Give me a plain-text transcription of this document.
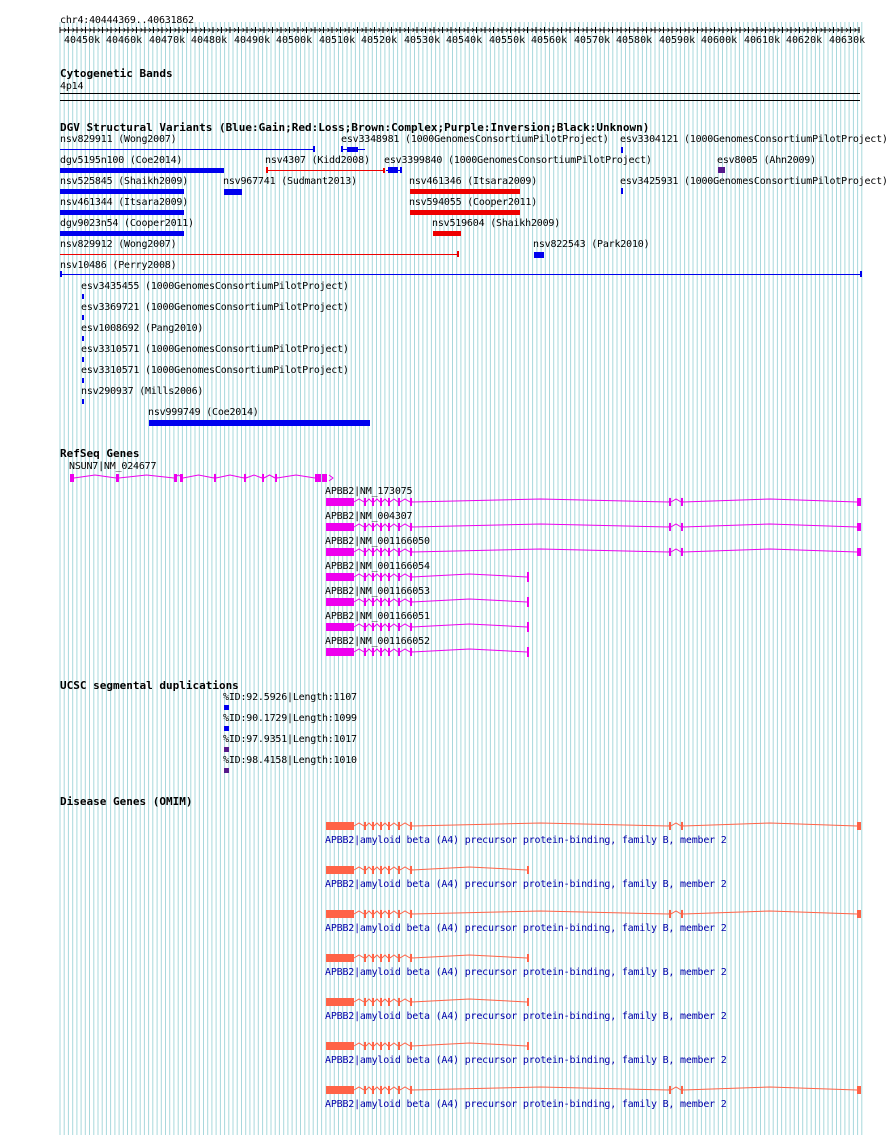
chr4:40444369..40631862
40450k 40460k 40470k 40480k 40490k 40500k 40510k 40520k 40530k 40540k 40550k 40560k 40570k 40580k 40590k 40600k 40610k 40620k 40630k
Cytogenetic Bands
4p14
DGV Structural Variants (Blue:Gain;Red:Loss;Brown:Complex;Purple:Inversion;Black:Unknown)
nsv829911 (Wong2007)	esv3348981 (1000GenomesConsortiumPilotProject) esv3304121 (1000GenomesConsortiumPilotProject)
dgv5195n100 (Coe2014)	nsv4307 (Kidd2008) esv3399840 (1000GenomesConsortiumPilotProject)	esv8005 (Ahn2009)
nsv525845 (Shaikh2009)	nsv967741 (Sudmant2013)	nsv461346 (Itsara2009)	esv3425931 (1000GenomesConsortiumPilotProject)
nsv461344 (Itsara2009)	nsv594055 (Cooper2011)
dgv9023n54 (Cooper2011)	nsv519604 (Shaikh2009)
nsv829912 (Wong2007)	nsv822543 (Park2010)
nsv10486 (Perry2008)
esv3435455 (1000GenomesConsortiumPilotProject)
esv3369721 (1000GenomesConsortiumPilotProject)
esv1008692 (Pang2010)
esv3310571 (1000GenomesConsortiumPilotProject)
esv3310571 (1000GenomesConsortiumPilotProject)
nsv290937 (Mills2006)
nsv999749 (Coe2014)
RefSeq Genes
NSUN7|NM_024677
APBB2|NM_173075
APBB2|NM_004307
APBB2|NM_001166050
APBB2|NM_001166054
APBB2|NM_001166053
APBB2|NM_001166051
APBB2|NM_001166052
UCSC segmental duplications
%ID:92.5926|Length:1107
%ID:90.1729|Length:1099
%ID:97.9351|Length:1017
%ID:98.4158|Length:1010
Disease Genes (OMIM)
APBB2|amyloid beta (A4) precursor protein-binding, family B, member 2
APBB2|amyloid beta (A4) precursor protein-binding, family B, member 2
APBB2|amyloid beta (A4) precursor protein-binding, family B, member 2
APBB2|amyloid beta (A4) precursor protein-binding, family B, member 2
APBB2|amyloid beta (A4) precursor protein-binding, family B, member 2
APBB2|amyloid beta (A4) precursor protein-binding, family B, member 2
APBB2|amyloid beta (A4) precursor protein-binding, family B, member 2
